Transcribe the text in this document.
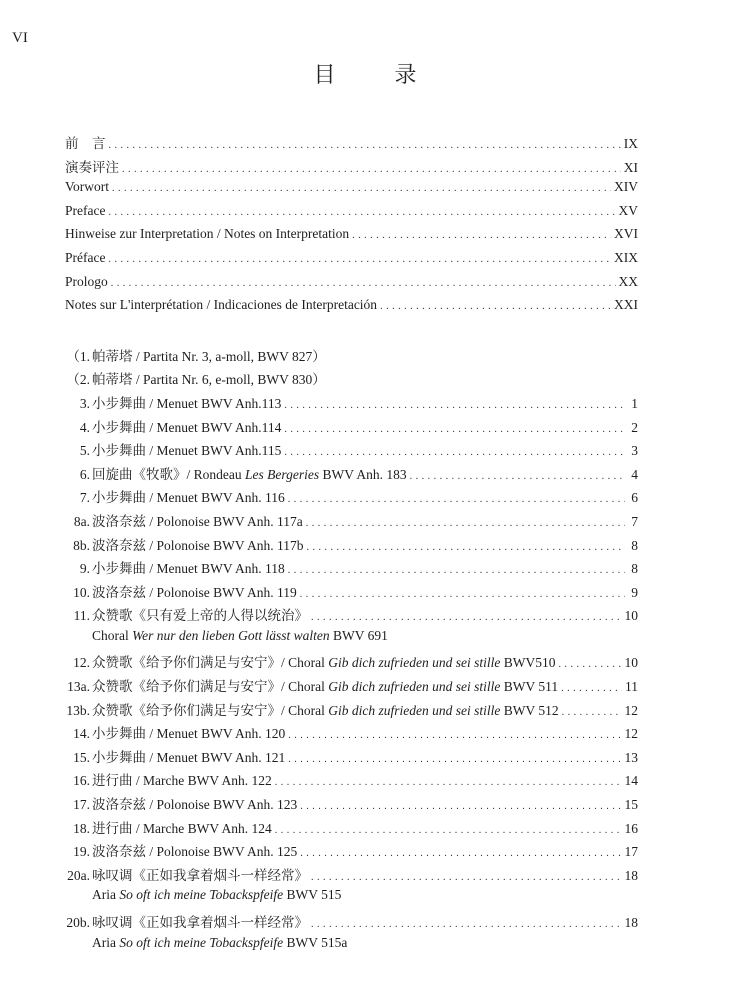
VI
目 录
前　言 . . .	IX
演奏评注 . . .	XI
Vorwort . . .	XIV
Preface . . .	XV
Hinweise zur Interpretation / Notes on Interpretation . . .	XVI
Préface . . .	XIX
Prologo . . .	XX
Notes sur L'interprétation / Indicaciones de Interpretación . . .	XXI
（1. 帕蒂塔 / Partita Nr. 3, a-moll, BWV 827）
（2. 帕蒂塔 / Partita Nr. 6, e-moll, BWV 830）
3. 小步舞曲 / Menuet BWV Anh.113 . . .	1
4. 小步舞曲 / Menuet BWV Anh.114 . . .	2
5. 小步舞曲 / Menuet BWV Anh.115 . . .	3
6. 回旋曲《牧歌》/ Rondeau Les Bergeries BWV Anh. 183 . . .	4
7. 小步舞曲 / Menuet BWV Anh. 116 . . .	6
8a. 波洛奈兹 / Polonoise BWV Anh. 117a . . .	7
8b. 波洛奈兹 / Polonoise BWV Anh. 117b . . .	8
9. 小步舞曲 / Menuet BWV Anh. 118 . . .	8
10. 波洛奈兹 / Polonoise BWV Anh. 119 . . .	9
11. 众赞歌《只有爱上帝的人得以统治》 . . .	10
Choral Wer nur den lieben Gott lässt walten BWV 691
12. 众赞歌《给予你们满足与安宁》/ Choral Gib dich zufrieden und sei stille BWV510 . . .	10
13a. 众赞歌《给予你们满足与安宁》/ Choral Gib dich zufrieden und sei stille BWV 511 . . .	11
13b. 众赞歌《给予你们满足与安宁》/ Choral Gib dich zufrieden und sei stille BWV 512 . . .	12
14. 小步舞曲 / Menuet BWV Anh. 120 . . .	12
15. 小步舞曲 / Menuet BWV Anh. 121 . . .	13
16. 进行曲 / Marche BWV Anh. 122 . . .	14
17. 波洛奈兹 / Polonoise BWV Anh. 123 . . .	15
18. 进行曲 / Marche BWV Anh. 124 . . .	16
19. 波洛奈兹 / Polonoise BWV Anh. 125 . . .	17
20a. 咏叹调《正如我拿着烟斗一样经常》 . . .	18
Aria So oft ich meine Tobackspfeife BWV 515
20b. 咏叹调《正如我拿着烟斗一样经常》 . . .	18
Aria So oft ich meine Tobackspfeife BWV 515a
